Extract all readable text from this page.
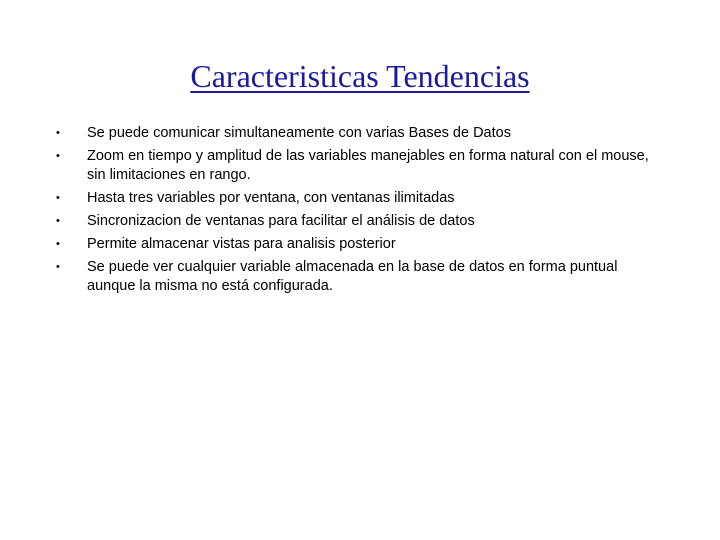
Caracteristicas Tendencias
• Se puede comunicar simultaneamente con varias Bases de Datos
• Zoom en tiempo y amplitud de las variables manejables en forma natural con el mouse, sin limitaciones en rango.
• Hasta tres variables por ventana, con ventanas ilimitadas
• Sincronizacion de ventanas para facilitar el análisis de datos
• Permite almacenar vistas para analisis posterior
• Se puede ver cualquier variable almacenada en la base de datos en forma puntual aunque la misma no está configurada.
